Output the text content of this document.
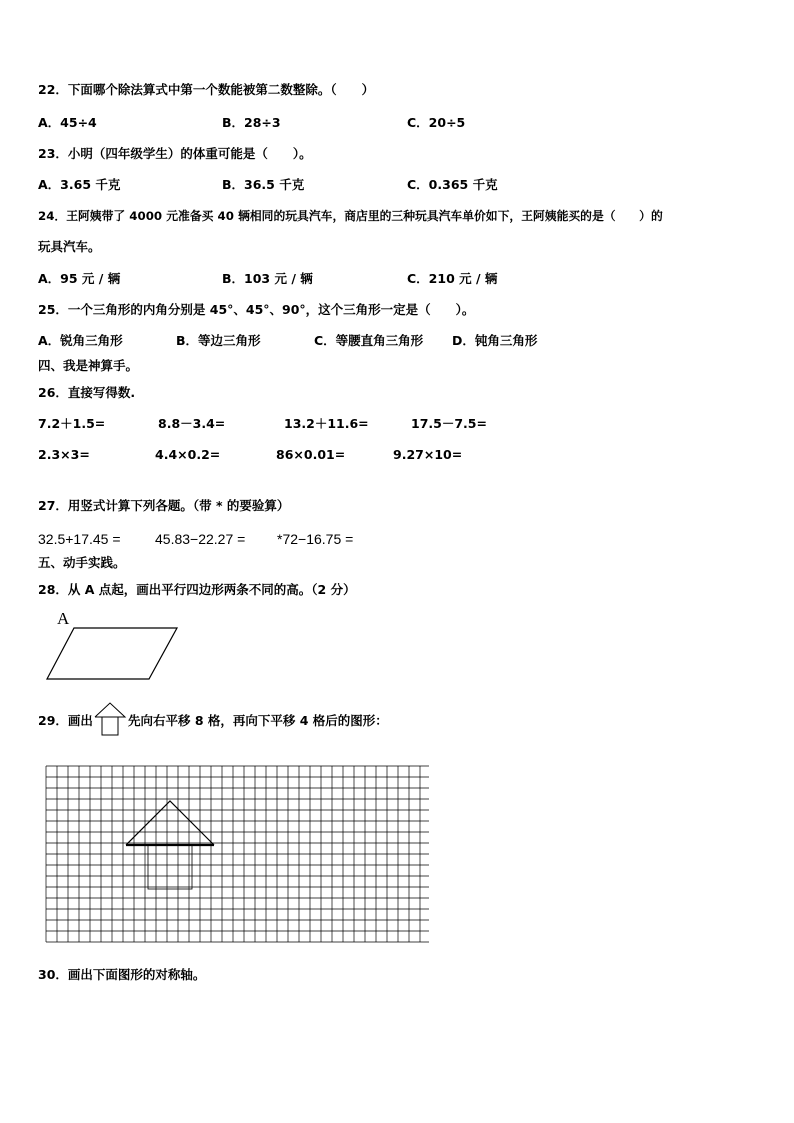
22．下面哪个除法算式中第一个数能被第二数整除。（　　）
A．45÷4	B．28÷3	C．20÷5
23．小明（四年级学生）的体重可能是（　　）。
A．3.65 千克	B．36.5 千克	C．0.365 千克
24．王阿姨带了 4000 元准备买 40 辆相同的玩具汽车，商店里的三种玩具汽车单价如下，王阿姨能买的是（　　）的
玩具汽车。
A．95 元 / 辆	B．103 元 / 辆	C．210 元 / 辆
25．一个三角形的内角分别是 45°、45°、90°，这个三角形一定是（　　）。
A．锐角三角形	B．等边三角形	C．等腰直角三角形 D．钝角三角形
四、我是神算手。
26．直接写得数.
7.2＋1.5=	8.8－3.4=	13.2＋11.6=	17.5－7.5=
2.3×3=	4.4×0.2=	86×0.01=	9.27×10=
27．用竖式计算下列各题。（带 * 的要验算）
32.5+17.45 = 45.83−22.27 = *72−16.75 =
五、动手实践。
28．从 A 点起，画出平行四边形两条不同的高。（2 分）
A
29．画出	先向右平移 8 格，再向下平移 4 格后的图形：
30．画出下面图形的对称轴。
